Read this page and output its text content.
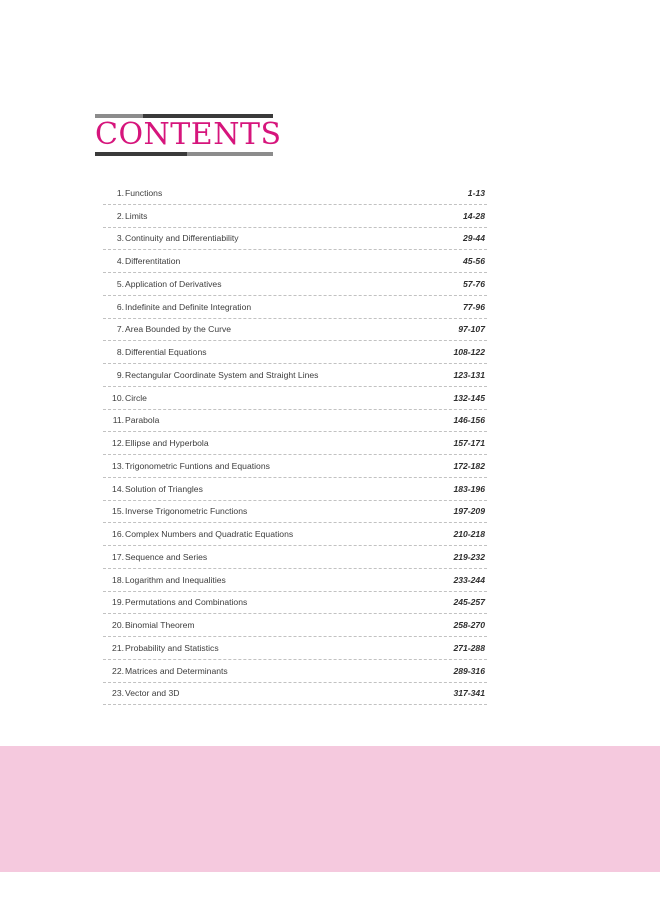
CONTENTS
1. Functions	1-13
2. Limits	14-28
3. Continuity and Differentiability	29-44
4. Differentitation	45-56
5. Application of Derivatives	57-76
6. Indefinite and Definite Integration	77-96
7. Area Bounded by the Curve	97-107
8. Differential Equations	108-122
9. Rectangular Coordinate System and Straight Lines	123-131
10. Circle	132-145
11. Parabola	146-156
12. Ellipse and Hyperbola	157-171
13. Trigonometric Funtions and Equations	172-182
14. Solution of Triangles	183-196
15. Inverse Trigonometric Functions	197-209
16. Complex Numbers and Quadratic Equations	210-218
17. Sequence and Series	219-232
18. Logarithm and Inequalities	233-244
19. Permutations and Combinations	245-257
20. Binomial Theorem	258-270
21. Probability and Statistics	271-288
22. Matrices and Determinants	289-316
23. Vector and 3D	317-341
